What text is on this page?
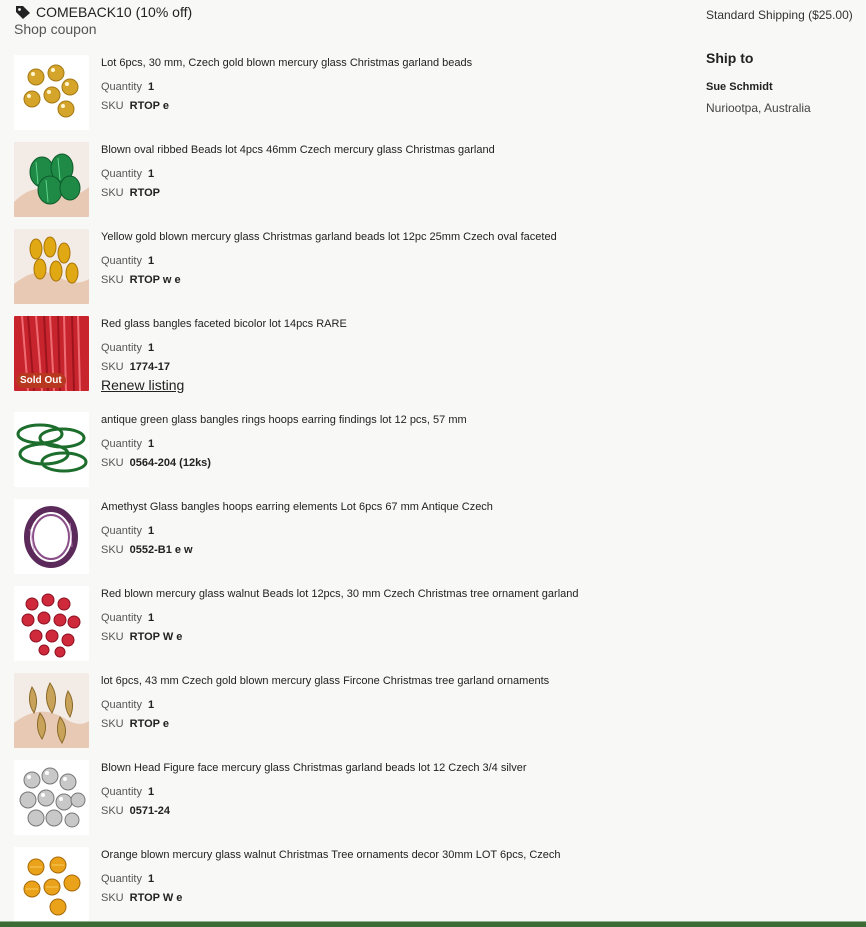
COMEBACK10 (10% off)
Shop coupon
Standard Shipping ($25.00)
Ship to
Sue Schmidt
Nuriootpa, Australia
Lot 6pcs, 30 mm, Czech gold blown mercury glass Christmas garland beads
Quantity 1
SKU RTOP e
Blown oval ribbed Beads lot 4pcs 46mm Czech mercury glass Christmas garland
Quantity 1
SKU RTOP
Yellow gold blown mercury glass Christmas garland beads lot 12pc 25mm Czech oval faceted
Quantity 1
SKU RTOP w e
Sold Out
Red glass bangles faceted bicolor lot 14pcs RARE
Quantity 1
SKU 1774-17
Renew listing
antique green glass bangles rings hoops earring findings lot 12 pcs, 57 mm
Quantity 1
SKU 0564-204 (12ks)
Amethyst Glass bangles hoops earring elements Lot 6pcs 67 mm Antique Czech
Quantity 1
SKU 0552-B1 e w
Red blown mercury glass walnut Beads lot 12pcs, 30 mm Czech Christmas tree ornament garland
Quantity 1
SKU RTOP W e
lot 6pcs, 43 mm Czech gold blown mercury glass Fircone Christmas tree garland ornaments
Quantity 1
SKU RTOP e
Blown Head Figure face mercury glass Christmas garland beads lot 12 Czech 3/4 silver
Quantity 1
SKU 0571-24
Orange blown mercury glass walnut Christmas Tree ornaments decor 30mm LOT 6pcs, Czech
Quantity 1
SKU RTOP W e
